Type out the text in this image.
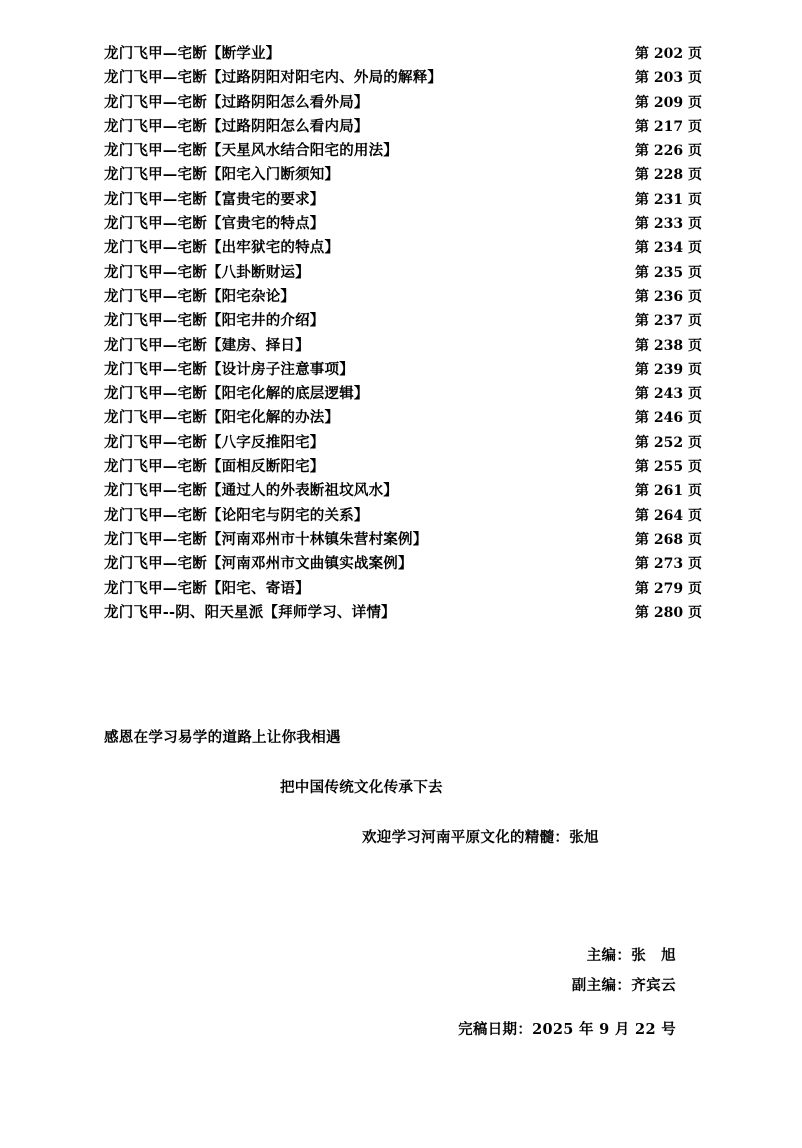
龙门飞甲—宅断【断学业】	第 202 页
龙门飞甲—宅断【过路阴阳对阳宅内、外局的解释】	第 203 页
龙门飞甲—宅断【过路阴阳怎么看外局】	第 209 页
龙门飞甲—宅断【过路阴阳怎么看内局】	第 217 页
龙门飞甲—宅断【天星风水结合阳宅的用法】	第 226 页
龙门飞甲—宅断【阳宅入门断须知】	第 228 页
龙门飞甲—宅断【富贵宅的要求】	第 231 页
龙门飞甲—宅断【官贵宅的特点】	第 233 页
龙门飞甲—宅断【出牢狱宅的特点】	第 234 页
龙门飞甲—宅断【八卦断财运】	第 235 页
龙门飞甲—宅断【阳宅杂论】	第 236 页
龙门飞甲—宅断【阳宅井的介绍】	第 237 页
龙门飞甲—宅断【建房、择日】	第 238 页
龙门飞甲—宅断【设计房子注意事项】	第 239 页
龙门飞甲—宅断【阳宅化解的底层逻辑】	第 243 页
龙门飞甲—宅断【阳宅化解的办法】	第 246 页
龙门飞甲—宅断【八字反推阳宅】	第 252 页
龙门飞甲—宅断【面相反断阳宅】	第 255 页
龙门飞甲—宅断【通过人的外表断祖坟风水】	第 261 页
龙门飞甲—宅断【论阳宅与阴宅的关系】	第 264 页
龙门飞甲—宅断【河南邓州市十林镇朱营村案例】	第 268 页
龙门飞甲—宅断【河南邓州市文曲镇实战案例】	第 273 页
龙门飞甲—宅断【阳宅、寄语】	第 279 页
龙门飞甲--阴、阳天星派【拜师学习、详情】	第 280 页
感恩在学习易学的道路上让你我相遇
把中国传统文化传承下去
欢迎学习河南平原文化的精髓：张旭
主编：张　旭
副主编：齐宾云
完稿日期：2025 年 9 月 22 号
